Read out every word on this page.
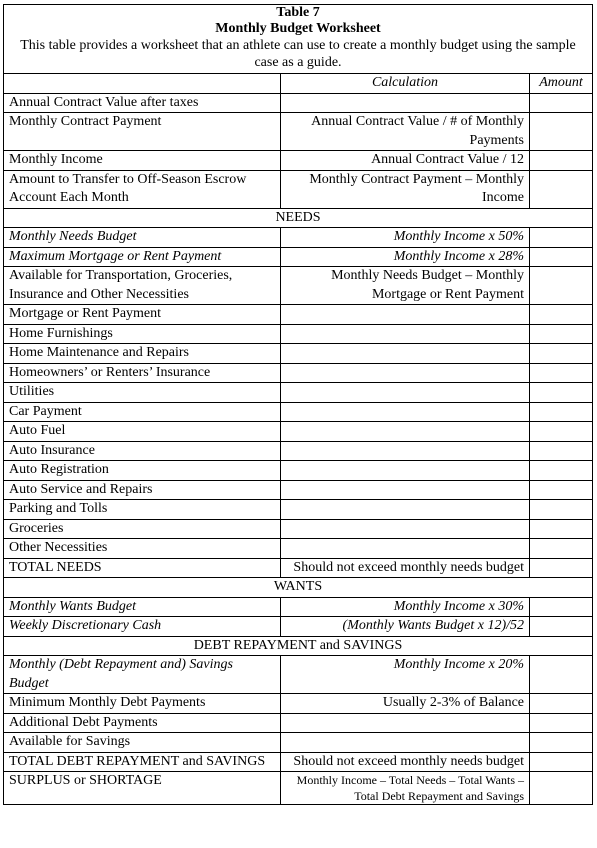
Table 7
Monthly Budget Worksheet
This table provides a worksheet that an athlete can use to create a monthly budget using the sample case as a guide.		

	Calculation	Amount
Annual Contract Value after taxes		
Monthly Contract Payment	Annual Contract Value / # of Monthly Payments	
Monthly Income	Annual Contract Value / 12	
Amount to Transfer to Off-Season Escrow Account Each Month	Monthly Contract Payment – Monthly Income	
NEEDS		
Monthly Needs Budget	Monthly Income x 50%	
Maximum Mortgage or Rent Payment	Monthly Income x 28%	
Available for Transportation, Groceries, Insurance and Other Necessities	Monthly Needs Budget – Monthly Mortgage or Rent Payment	
Mortgage or Rent Payment		
Home Furnishings		
Home Maintenance and Repairs		
Homeowners’ or Renters’ Insurance		
Utilities		
Car Payment		
Auto Fuel		
Auto Insurance		
Auto Registration		
Auto Service and Repairs		
Parking and Tolls		
Groceries		
Other Necessities		
TOTAL NEEDS	Should not exceed monthly needs budget	
WANTS		
Monthly Wants Budget	Monthly Income x 30%	
Weekly Discretionary Cash	(Monthly Wants Budget x 12)/52	
DEBT REPAYMENT and SAVINGS		
Monthly (Debt Repayment and) Savings Budget	Monthly Income x 20%	
Minimum Monthly Debt Payments	Usually 2-3% of Balance	
Additional Debt Payments		
Available for Savings		
TOTAL DEBT REPAYMENT and SAVINGS	Should not exceed monthly needs budget	
SURPLUS or SHORTAGE	Monthly Income – Total Needs – Total Wants – Total Debt Repayment and Savings	
